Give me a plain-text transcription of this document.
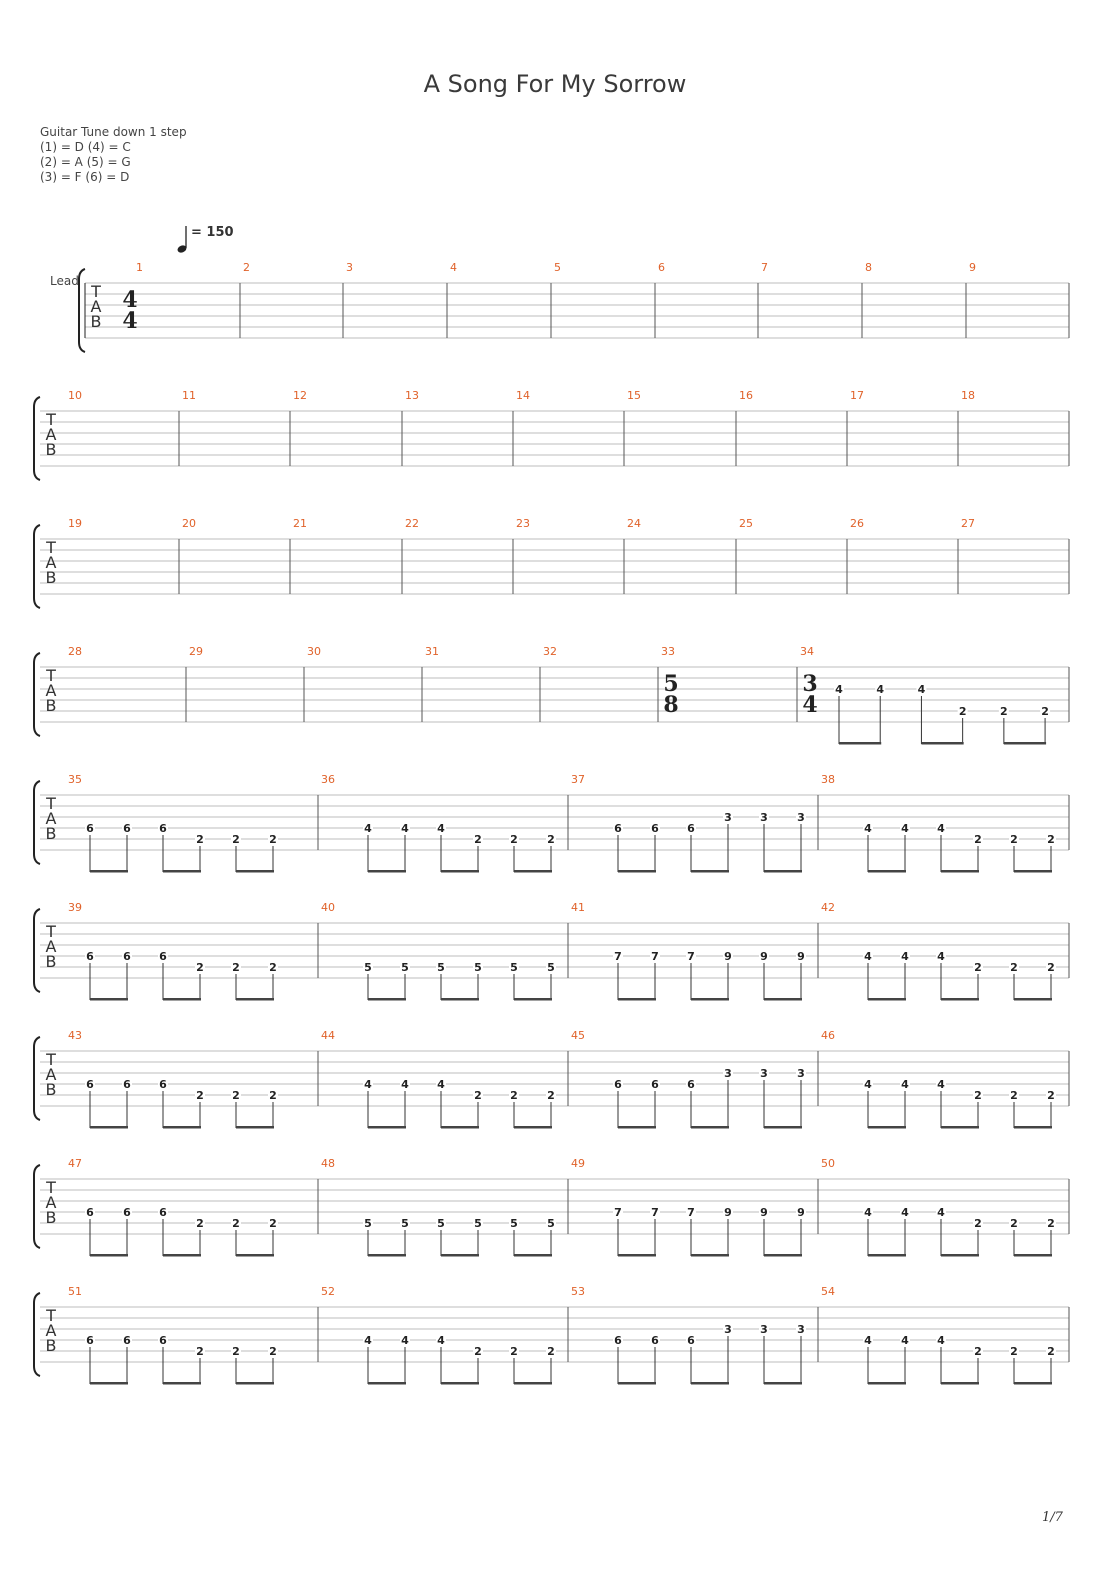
A Song For My Sorrow
Guitar Tune down 1 step
(1) = D (4) = C
(2) = A (5) = G
(3) = F (6) = D
= 150
Lead
T
A
B
1
4
4
2	3	4	5	6	7	8	9
T
A
B
10	11	12	13	14	15	16	17	18
T
A
B
19	20	21	22	23	24	25	26	27
T
A
B
28	29	30	31	32	33
5
8
34
3
4
4	4	4
2	2	2
T
A
B
35
6	6	6
2	2	2
36
4	4	4
2	2	2
37
6	6	6
3	3	3
38
4	4	4
2	2	2
T
A
B
39
6	6	6
2	2	2
40
5	5	5	5	5	5
41
7	7	7	9	9	9
42
4	4	4
2	2	2
T
A
B
43
6	6	6
2	2	2
44
4	4	4
2	2	2
45
6	6	6
3	3	3
46
4	4	4
2	2	2
T
A
B
47
6	6	6
2	2	2
48
5	5	5	5	5	5
49
7	7	7	9	9	9
50
4	4	4
2	2	2
T
A
B
51
6	6	6
2	2	2
52
4	4	4
2	2	2
53
6	6	6
3	3	3
54
4	4	4
2	2	2
1/7
